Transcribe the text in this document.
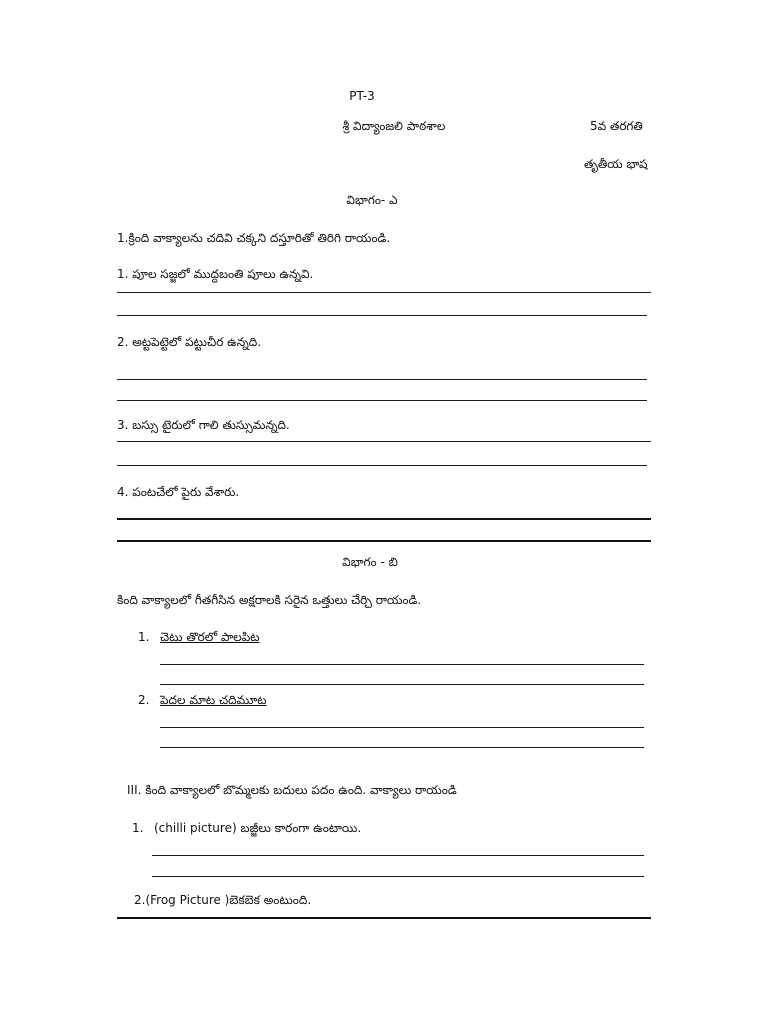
PT-3
శ్రీ విద్యాంజలి పాఠశాల	5వ తరగతి
తృతీయ భాష
విభాగం- ఎ
1.క్రింది వాక్యాలను చదివి చక్కని దస్తూరితో తిరిగి రాయండి.
1. పూల సజ్జలో ముద్దబంతి పూలు ఉన్నవి.
2. అట్టపెట్టెలో పట్టుచీర ఉన్నది.
3. బస్సు టైరులో గాలి తుస్సుమన్నది.
4. పంటచేలో పైరు వేశారు.
విభాగం - బి
కింది వాక్యాలలో గీతగీసిన అక్షరాలకి సరైన ఒత్తులు చేర్చి రాయండి.
1. చెటు తొరలో పాలపిట
2. పెదల మాట చదిమూట
III. కింది వాక్యాలలో బొమ్మలకు బదులు పదం ఉంది. వాక్యాలు రాయండి
1. (chilli picture) బజ్జీలు కారంగా ఉంటాయి.
2.(Frog Picture )బెకబెక అంటుంది.
